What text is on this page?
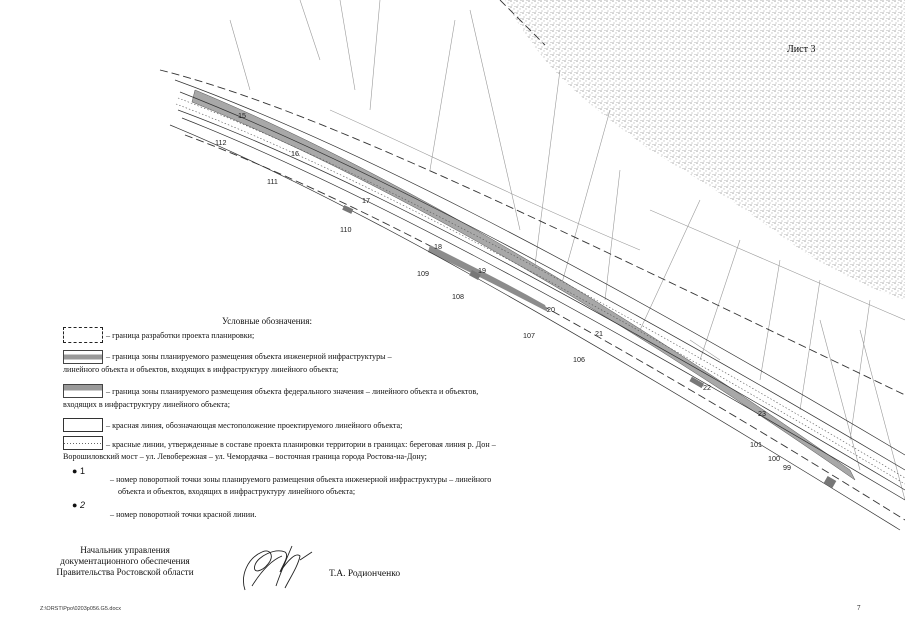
15
112
16
111
17
110
18
109	19
108
20
107	21
106
22
23
101
100
99
Лист 3
Условные обозначения:
– граница разработки проекта планировки;
– граница зоны планируемого размещения объекта инженерной инфраструктуры –
линейного объекта и объектов, входящих в инфраструктуру линейного объекта;
– граница зоны планируемого размещения объекта федерального значения – линейного объекта и объектов,
входящих в инфраструктуру линейного объекта;
– красная линия, обозначающая местоположение проектируемого линейного объекта;
– красные линии, утвержденные в составе проекта планировки территории в границах: береговая линия р. Дон –
Ворошиловский мост – ул. Левобережная – ул. Чемордачка – восточная граница города Ростова-на-Дону;
● 1
– номер поворотной точки зоны планируемого размещения объекта инженерной инфраструктуры – линейного
объекта и объектов, входящих в инфраструктуру линейного объекта;
● 2
– номер поворотной точки красной линии.
Начальник управления
документационного обеспечения
Правительства Ростовской области	Т.А. Родионченко
Z:\ORST\Ppo\0203p056.G5.docx	7
